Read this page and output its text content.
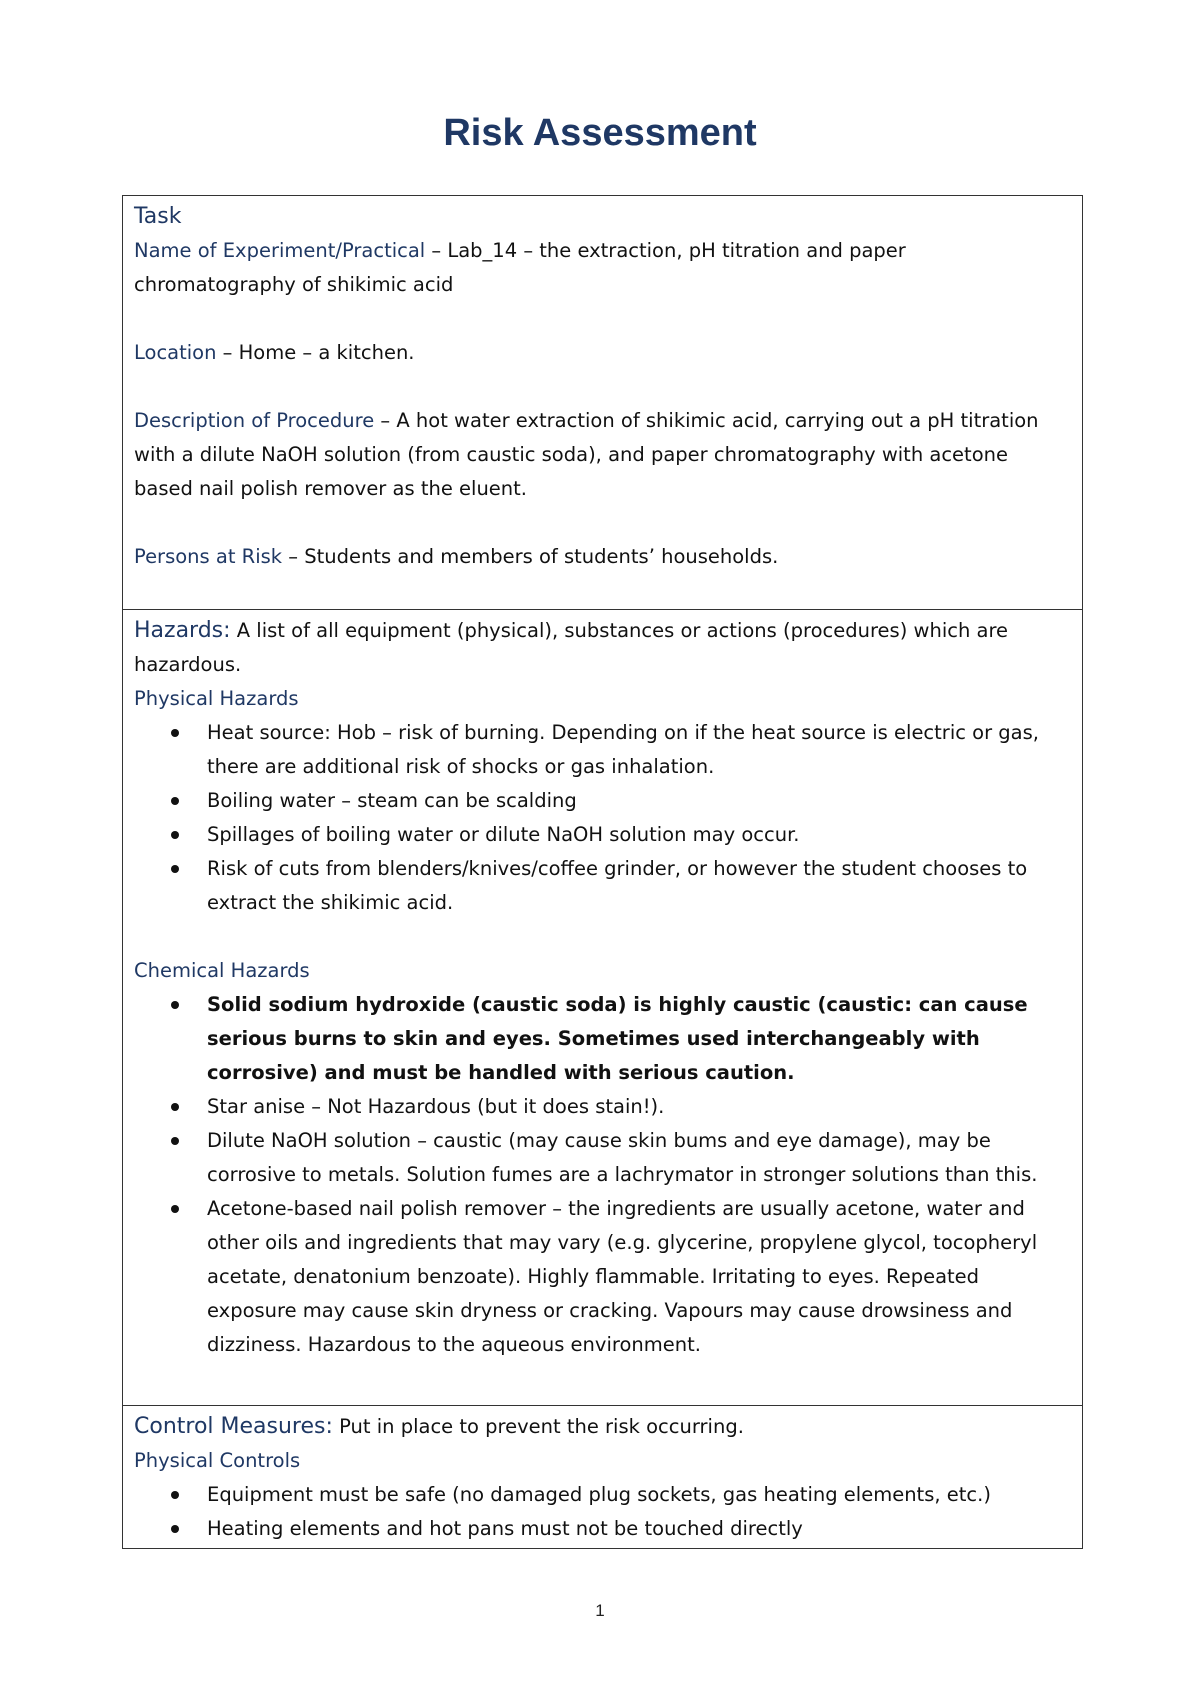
Risk Assessment
Task
Name of Experiment/Practical – Lab_14 – the extraction, pH titration and paper chromatography of shikimic acid
Location – Home – a kitchen.
Description of Procedure – A hot water extraction of shikimic acid, carrying out a pH titration with a dilute NaOH solution (from caustic soda), and paper chromatography with acetone based nail polish remover as the eluent.
Persons at Risk – Students and members of students’ households.
Hazards: A list of all equipment (physical), substances or actions (procedures) which are hazardous.
Physical Hazards
Heat source: Hob – risk of burning. Depending on if the heat source is electric or gas, there are additional risk of shocks or gas inhalation.
Boiling water – steam can be scalding
Spillages of boiling water or dilute NaOH solution may occur.
Risk of cuts from blenders/knives/coffee grinder, or however the student chooses to extract the shikimic acid.
Chemical Hazards
Solid sodium hydroxide (caustic soda) is highly caustic (caustic: can cause serious burns to skin and eyes. Sometimes used interchangeably with corrosive) and must be handled with serious caution.
Star anise – Not Hazardous (but it does stain!).
Dilute NaOH solution – caustic (may cause skin bums and eye damage), may be corrosive to metals. Solution fumes are a lachrymator in stronger solutions than this.
Acetone-based nail polish remover – the ingredients are usually acetone, water and other oils and ingredients that may vary (e.g. glycerine, propylene glycol, tocopheryl acetate, denatonium benzoate). Highly flammable. Irritating to eyes. Repeated exposure may cause skin dryness or cracking. Vapours may cause drowsiness and dizziness. Hazardous to the aqueous environment.
Control Measures: Put in place to prevent the risk occurring.
Physical Controls
Equipment must be safe (no damaged plug sockets, gas heating elements, etc.)
Heating elements and hot pans must not be touched directly
1
